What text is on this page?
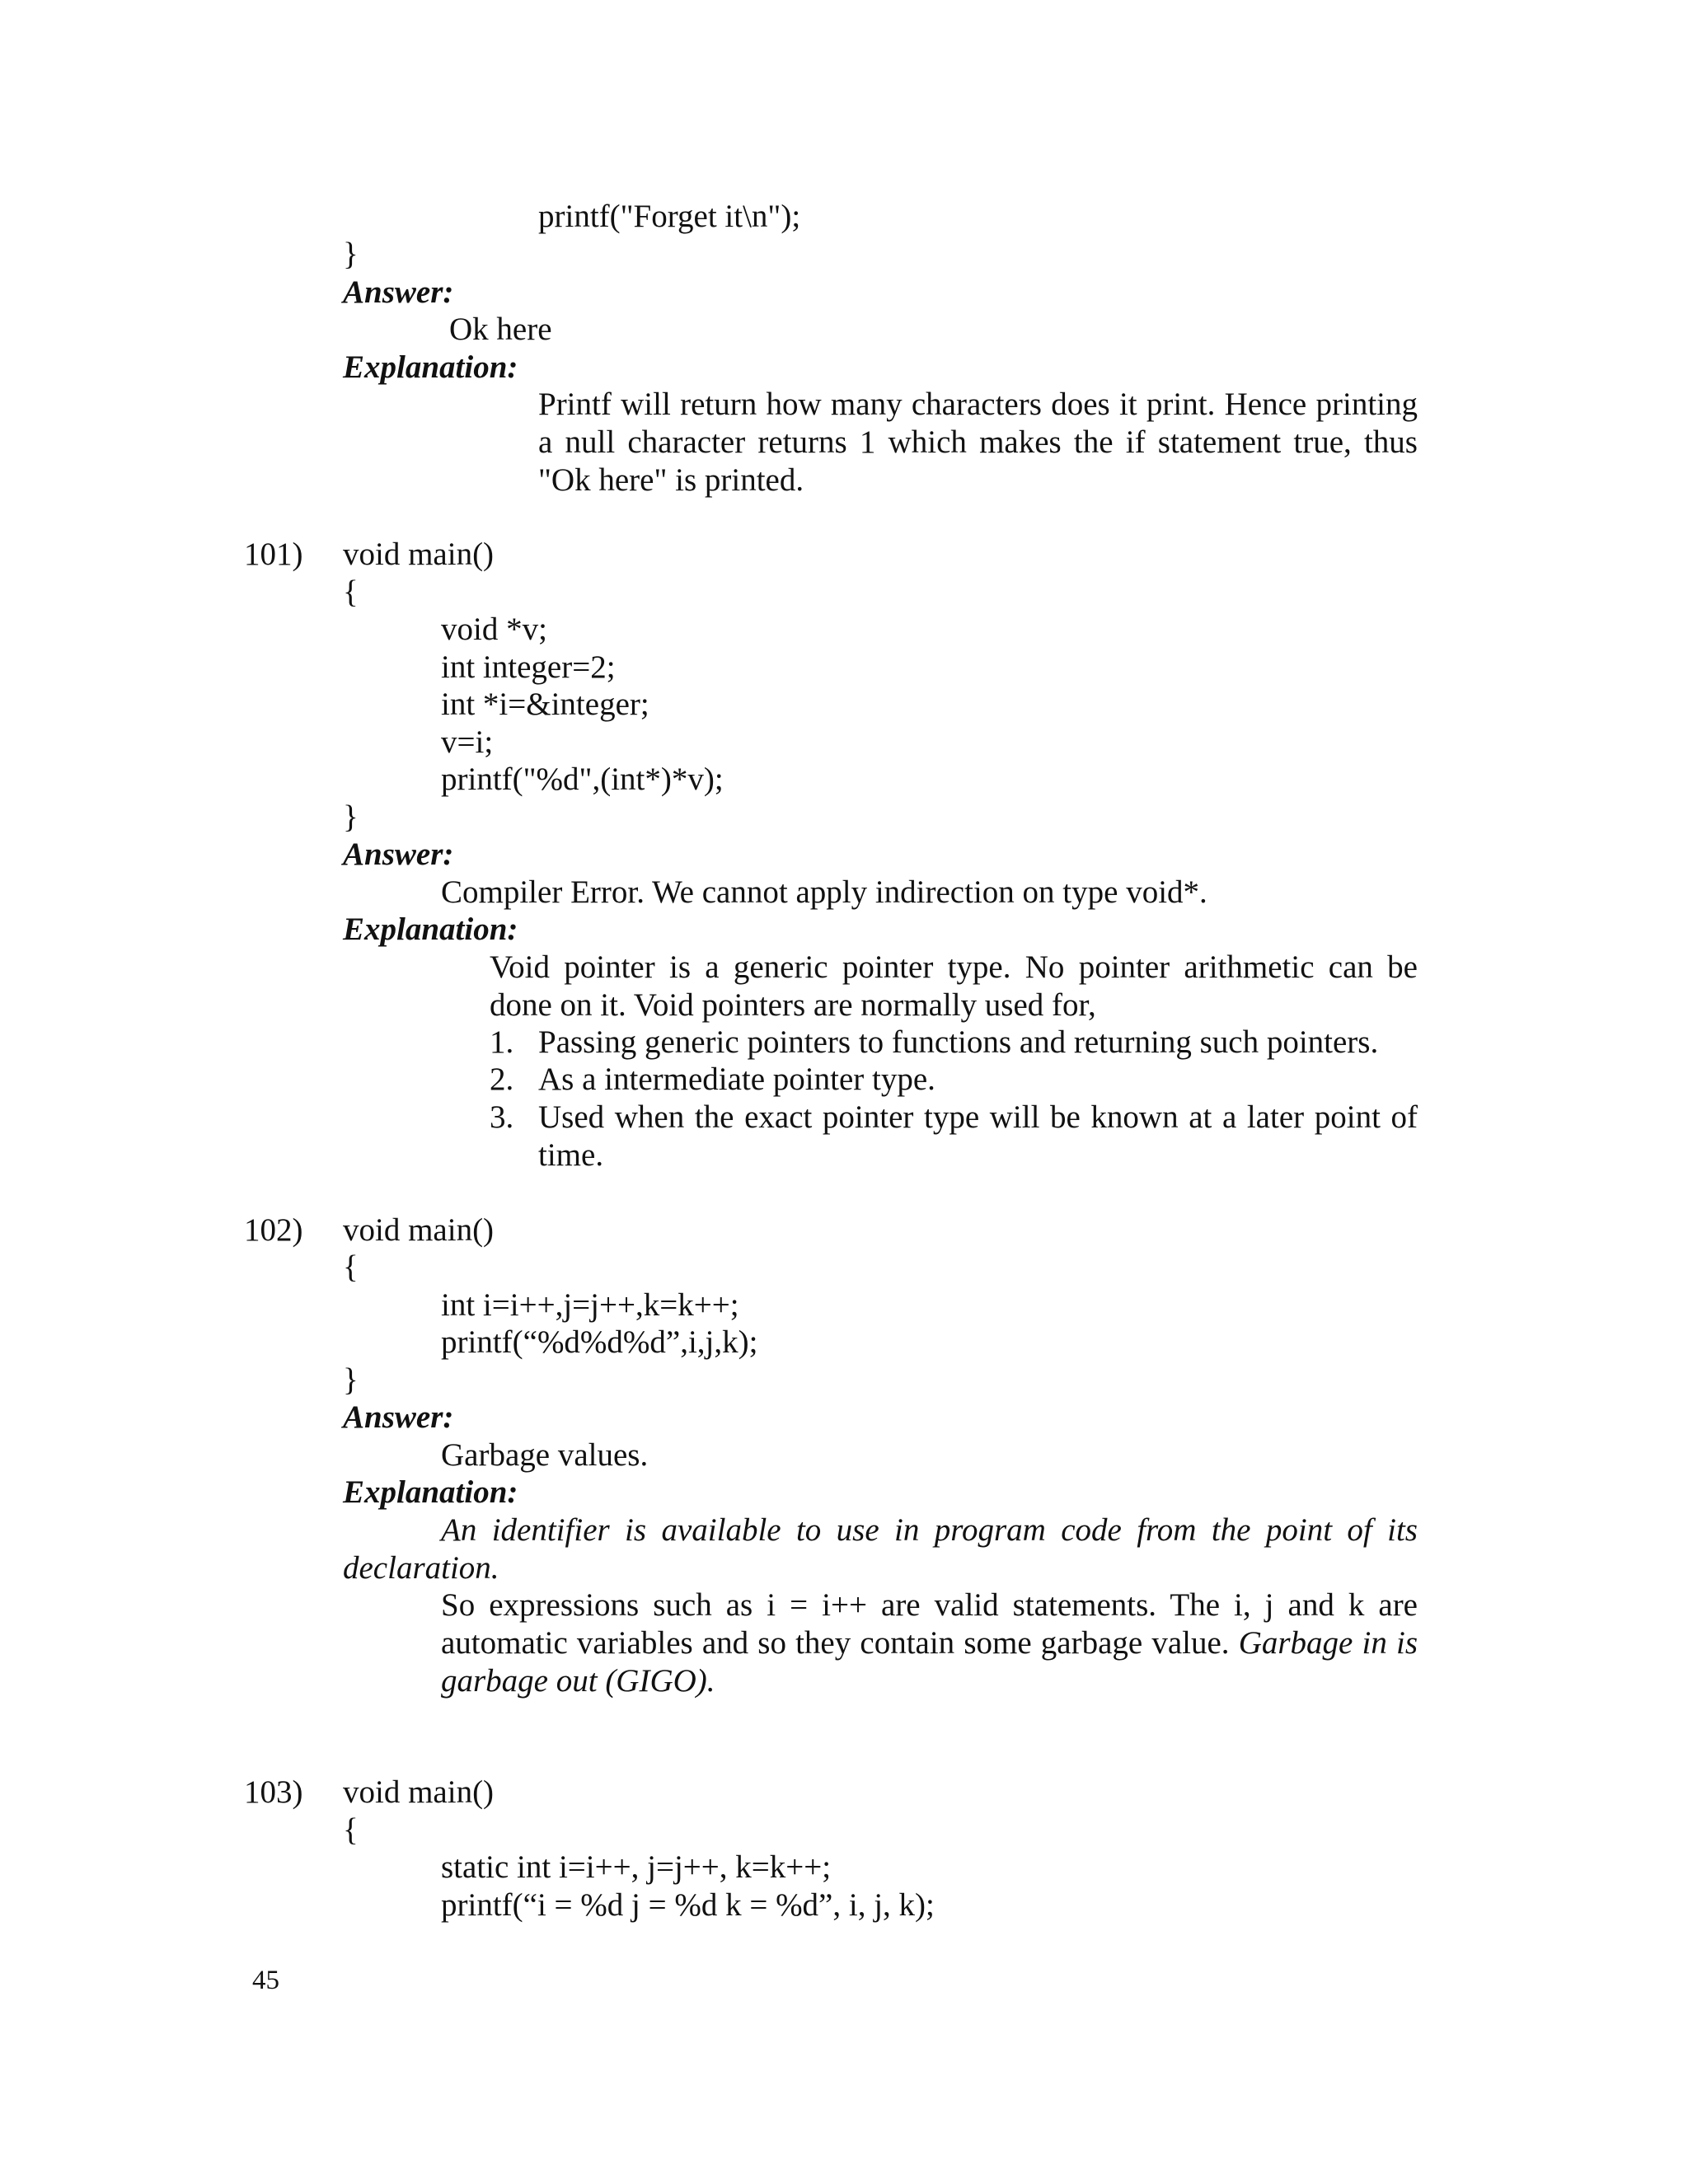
printf("Forget it\n");
}
Answer:
Ok here
Explanation:
Printf will return how many characters does it print. Hence printing a null character returns 1 which makes the if statement true, thus "Ok here" is printed.
101) void main()
{
void *v;
int integer=2;
int *i=&integer;
v=i;
printf("%d",(int*)*v);
}
Answer:
Compiler Error. We cannot apply indirection on type void*.
Explanation:
Void pointer is a generic pointer type. No pointer arithmetic can be done on it. Void pointers are normally used for,
1. Passing generic pointers to functions and returning such pointers.
2. As a intermediate pointer type.
3. Used when the exact pointer type will be known at a later point of time.
102) void main()
{
int i=i++,j=j++,k=k++;
printf(“%d%d%d”,i,j,k);
}
Answer:
Garbage values.
Explanation:
An identifier is available to use in program code from the point of its declaration.
So expressions such as i = i++ are valid statements. The i, j and k are automatic variables and so they contain some garbage value. Garbage in is garbage out (GIGO).
103) void main()
{
static int i=i++, j=j++, k=k++;
printf(“i = %d j = %d k = %d”, i, j, k);
45
